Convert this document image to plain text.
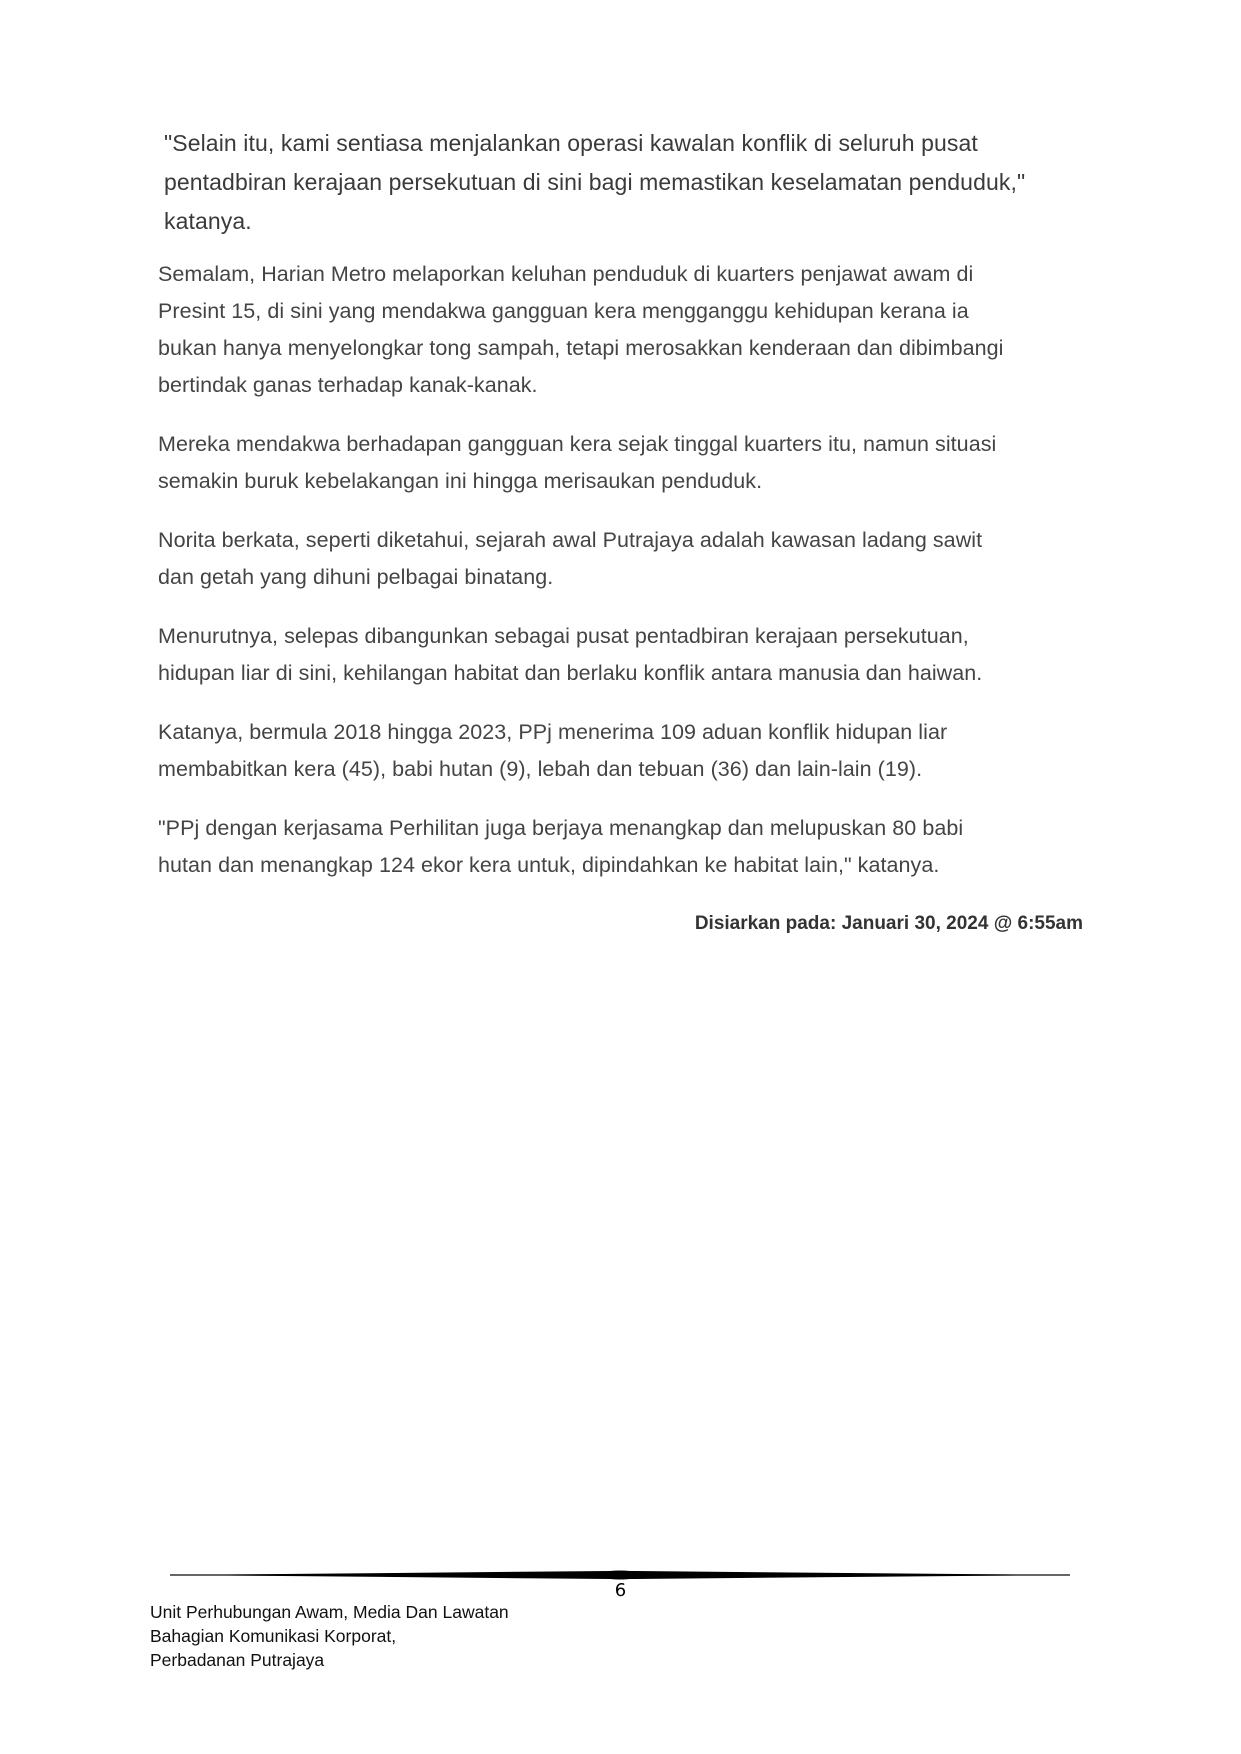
"Selain itu, kami sentiasa menjalankan operasi kawalan konflik di seluruh pusat
pentadbiran kerajaan persekutuan di sini bagi memastikan keselamatan penduduk,"
katanya.
Semalam, Harian Metro melaporkan keluhan penduduk di kuarters penjawat awam di
Presint 15, di sini yang mendakwa gangguan kera mengganggu kehidupan kerana ia
bukan hanya menyelongkar tong sampah, tetapi merosakkan kenderaan dan dibimbangi
bertindak ganas terhadap kanak-kanak.
Mereka mendakwa berhadapan gangguan kera sejak tinggal kuarters itu, namun situasi
semakin buruk kebelakangan ini hingga merisaukan penduduk.
Norita berkata, seperti diketahui, sejarah awal Putrajaya adalah kawasan ladang sawit
dan getah yang dihuni pelbagai binatang.
Menurutnya, selepas dibangunkan sebagai pusat pentadbiran kerajaan persekutuan,
hidupan liar di sini, kehilangan habitat dan berlaku konflik antara manusia dan haiwan.
Katanya, bermula 2018 hingga 2023, PPj menerima 109 aduan konflik hidupan liar
membabitkan kera (45), babi hutan (9), lebah dan tebuan (36) dan lain-lain (19).
"PPj dengan kerjasama Perhilitan juga berjaya menangkap dan melupuskan 80 babi
hutan dan menangkap 124 ekor kera untuk, dipindahkan ke habitat lain," katanya.
Disiarkan pada: Januari 30, 2024 @ 6:55am
6
Unit Perhubungan Awam, Media Dan Lawatan
Bahagian Komunikasi Korporat,
Perbadanan Putrajaya
